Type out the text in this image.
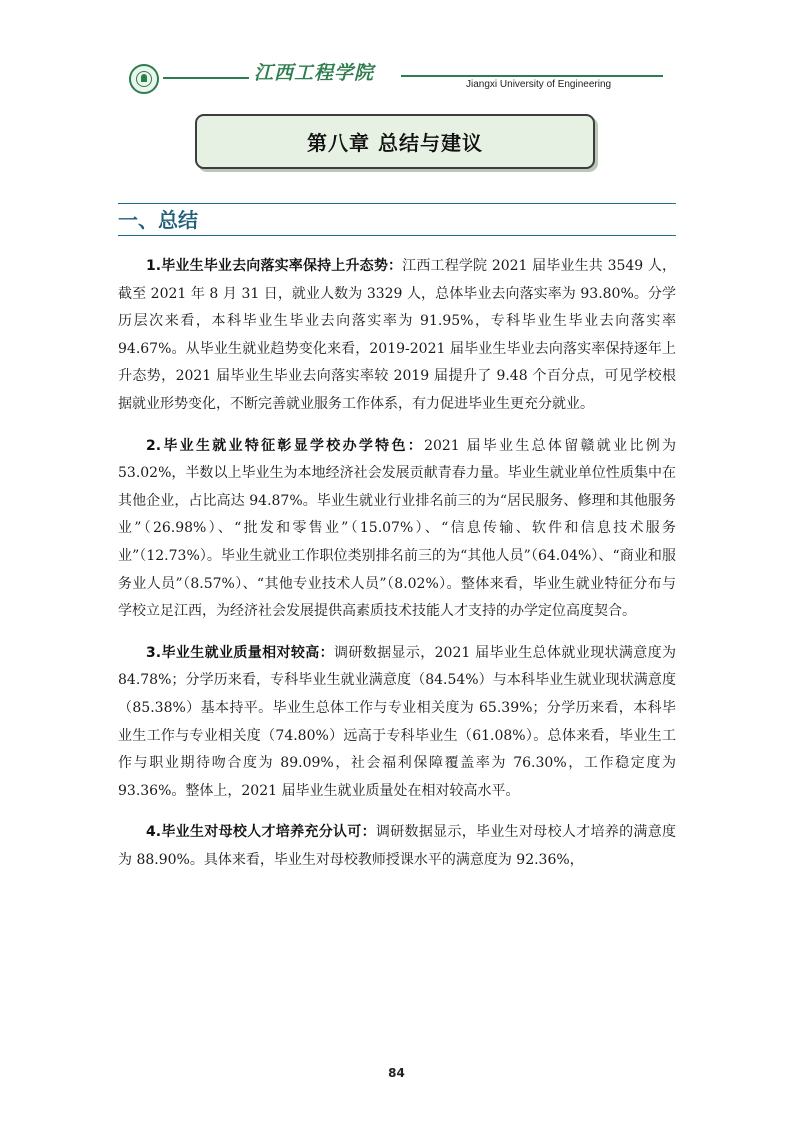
江西工程学院
Jiangxi University of Engineering
第八章 总结与建议
一、总结

1.毕业生毕业去向落实率保持上升态势：江西工程学院 2021 届毕业生共 3549 人，截至 2021 年 8 月 31 日，就业人数为 3329 人，总体毕业去向落实率为 93.80%。分学历层次来看，本科毕业生毕业去向落实率为 91.95%，专科毕业生毕业去向落实率 94.67%。从毕业生就业趋势变化来看，2019-2021 届毕业生毕业去向落实率保持逐年上升态势，2021 届毕业生毕业去向落实率较 2019 届提升了 9.48 个百分点，可见学校根据就业形势变化，不断完善就业服务工作体系，有力促进毕业生更充分就业。

2.毕业生就业特征彰显学校办学特色：2021 届毕业生总体留赣就业比例为 53.02%，半数以上毕业生为本地经济社会发展贡献青春力量。毕业生就业单位性质集中在其他企业，占比高达 94.87%。毕业生就业行业排名前三的为“居民服务、修理和其他服务业”（26.98%）、“批发和零售业”（15.07%）、“信息传输、软件和信息技术服务业”（12.73%）。毕业生就业工作职位类别排名前三的为“其他人员”（64.04%）、“商业和服务业人员”（8.57%）、“其他专业技术人员”（8.02%）。整体来看，毕业生就业特征分布与学校立足江西，为经济社会发展提供高素质技术技能人才支持的办学定位高度契合。

3.毕业生就业质量相对较高：调研数据显示，2021 届毕业生总体就业现状满意度为 84.78%；分学历来看，专科毕业生就业满意度（84.54%）与本科毕业生就业现状满意度（85.38%）基本持平。毕业生总体工作与专业相关度为 65.39%；分学历来看，本科毕业生工作与专业相关度（74.80%）远高于专科毕业生（61.08%）。总体来看，毕业生工作与职业期待吻合度为 89.09%，社会福利保障覆盖率为 76.30%，工作稳定度为 93.36%。整体上，2021 届毕业生就业质量处在相对较高水平。

4.毕业生对母校人才培养充分认可：调研数据显示，毕业生对母校人才培养的满意度为 88.90%。具体来看，毕业生对母校教师授课水平的满意度为 92.36%，

84
